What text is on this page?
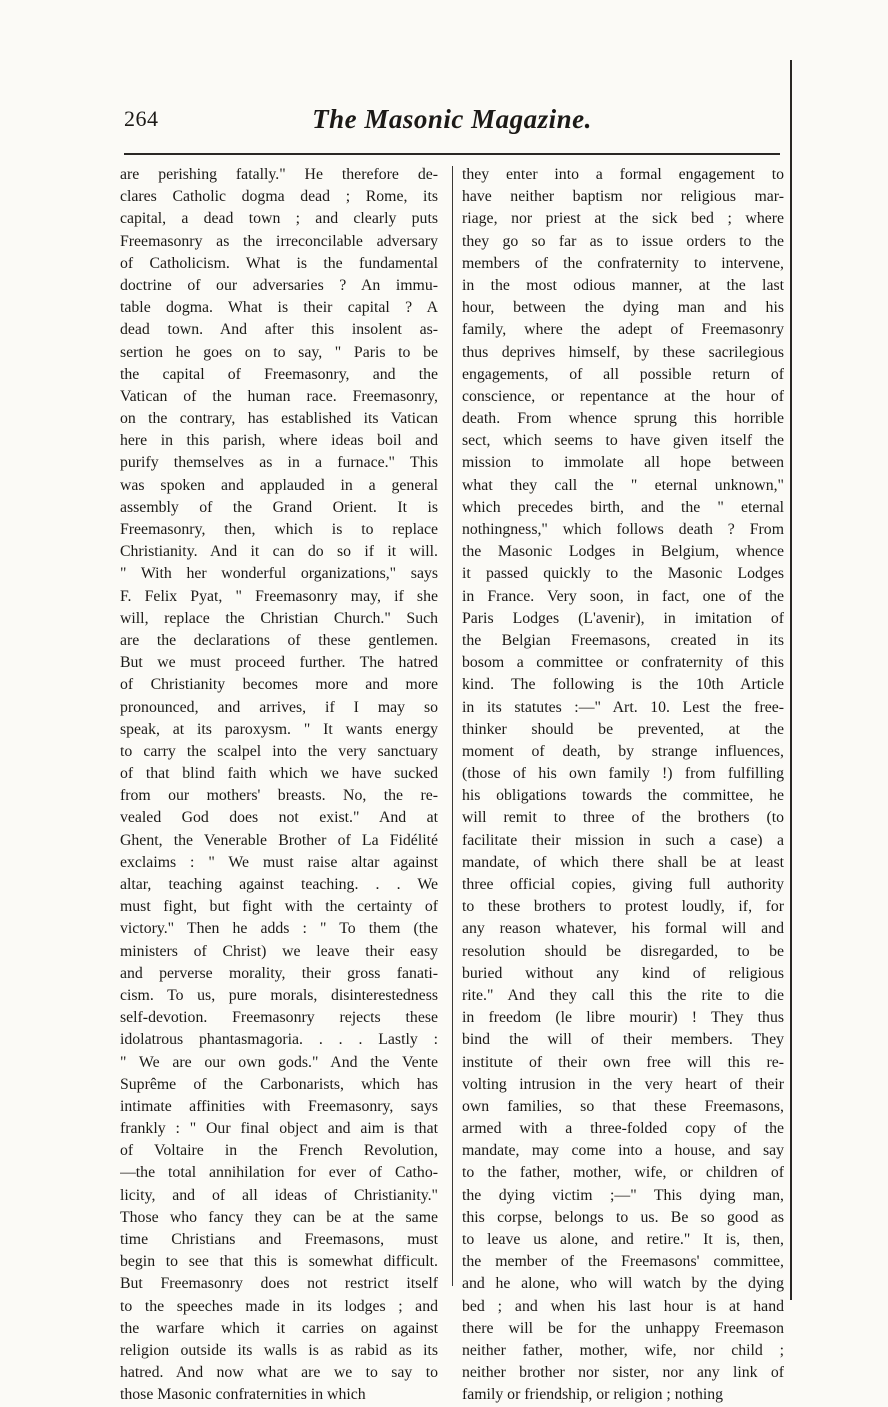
264	The Masonic Magazine.
are perishing fatally." He therefore de-
clares Catholic dogma dead ; Rome, its
capital, a dead town ; and clearly puts
Freemasonry as the irreconcilable adversary
of Catholicism. What is the fundamental
doctrine of our adversaries ? An immu-
table dogma. What is their capital ? A
dead town. And after this insolent as-
sertion he goes on to say, " Paris to be
the capital of Freemasonry, and the
Vatican of the human race. Freemasonry,
on the contrary, has established its Vatican
here in this parish, where ideas boil and
purify themselves as in a furnace." This
was spoken and applauded in a general
assembly of the Grand Orient. It is
Freemasonry, then, which is to replace
Christianity. And it can do so if it will.
" With her wonderful organizations," says
F. Felix Pyat, " Freemasonry may, if she
will, replace the Christian Church." Such
are the declarations of these gentlemen.
But we must proceed further. The hatred
of Christianity becomes more and more
pronounced, and arrives, if I may so
speak, at its paroxysm. " It wants energy
to carry the scalpel into the very sanctuary
of that blind faith which we have sucked
from our mothers' breasts. No, the re-
vealed God does not exist." And at
Ghent, the Venerable Brother of La Fidélité
exclaims : " We must raise altar against
altar, teaching against teaching. . . We
must fight, but fight with the certainty of
victory." Then he adds : " To them (the
ministers of Christ) we leave their easy
and perverse morality, their gross fanati-
cism. To us, pure morals, disinterestedness
self-devotion. Freemasonry rejects these
idolatrous phantasmagoria. . . . Lastly :
" We are our own gods." And the Vente
Suprême of the Carbonarists, which has
intimate affinities with Freemasonry, says
frankly : " Our final object and aim is that
of Voltaire in the French Revolution,
—the total annihilation for ever of Catho-
licity, and of all ideas of Christianity."
Those who fancy they can be at the same
time Christians and Freemasons, must
begin to see that this is somewhat difficult.
But Freemasonry does not restrict itself
to the speeches made in its lodges ; and
the warfare which it carries on against
religion outside its walls is as rabid as its
hatred. And now what are we to say to
those Masonic confraternities in which
they enter into a formal engagement to
have neither baptism nor religious mar-
riage, nor priest at the sick bed ; where
they go so far as to issue orders to the
members of the confraternity to intervene,
in the most odious manner, at the last
hour, between the dying man and his
family, where the adept of Freemasonry
thus deprives himself, by these sacrilegious
engagements, of all possible return of
conscience, or repentance at the hour of
death. From whence sprung this horrible
sect, which seems to have given itself the
mission to immolate all hope between
what they call the " eternal unknown,"
which precedes birth, and the " eternal
nothingness," which follows death ? From
the Masonic Lodges in Belgium, whence
it passed quickly to the Masonic Lodges
in France. Very soon, in fact, one of the
Paris Lodges (L'avenir), in imitation of
the Belgian Freemasons, created in its
bosom a committee or confraternity of this
kind. The following is the 10th Article
in its statutes :—" Art. 10. Lest the free-
thinker should be prevented, at the
moment of death, by strange influences,
(those of his own family !) from fulfilling
his obligations towards the committee, he
will remit to three of the brothers (to
facilitate their mission in such a case) a
mandate, of which there shall be at least
three official copies, giving full authority
to these brothers to protest loudly, if, for
any reason whatever, his formal will and
resolution should be disregarded, to be
buried without any kind of religious
rite." And they call this the rite to die
in freedom (le libre mourir) ! They thus
bind the will of their members. They
institute of their own free will this re-
volting intrusion in the very heart of their
own families, so that these Freemasons,
armed with a three-folded copy of the
mandate, may come into a house, and say
to the father, mother, wife, or children of
the dying victim ;—" This dying man,
this corpse, belongs to us. Be so good as
to leave us alone, and retire." It is, then,
the member of the Freemasons' committee,
and he alone, who will watch by the dying
bed ; and when his last hour is at hand
there will be for the unhappy Freemason
neither father, mother, wife, nor child ;
neither brother nor sister, nor any link of
family or friendship, or religion ; nothing
